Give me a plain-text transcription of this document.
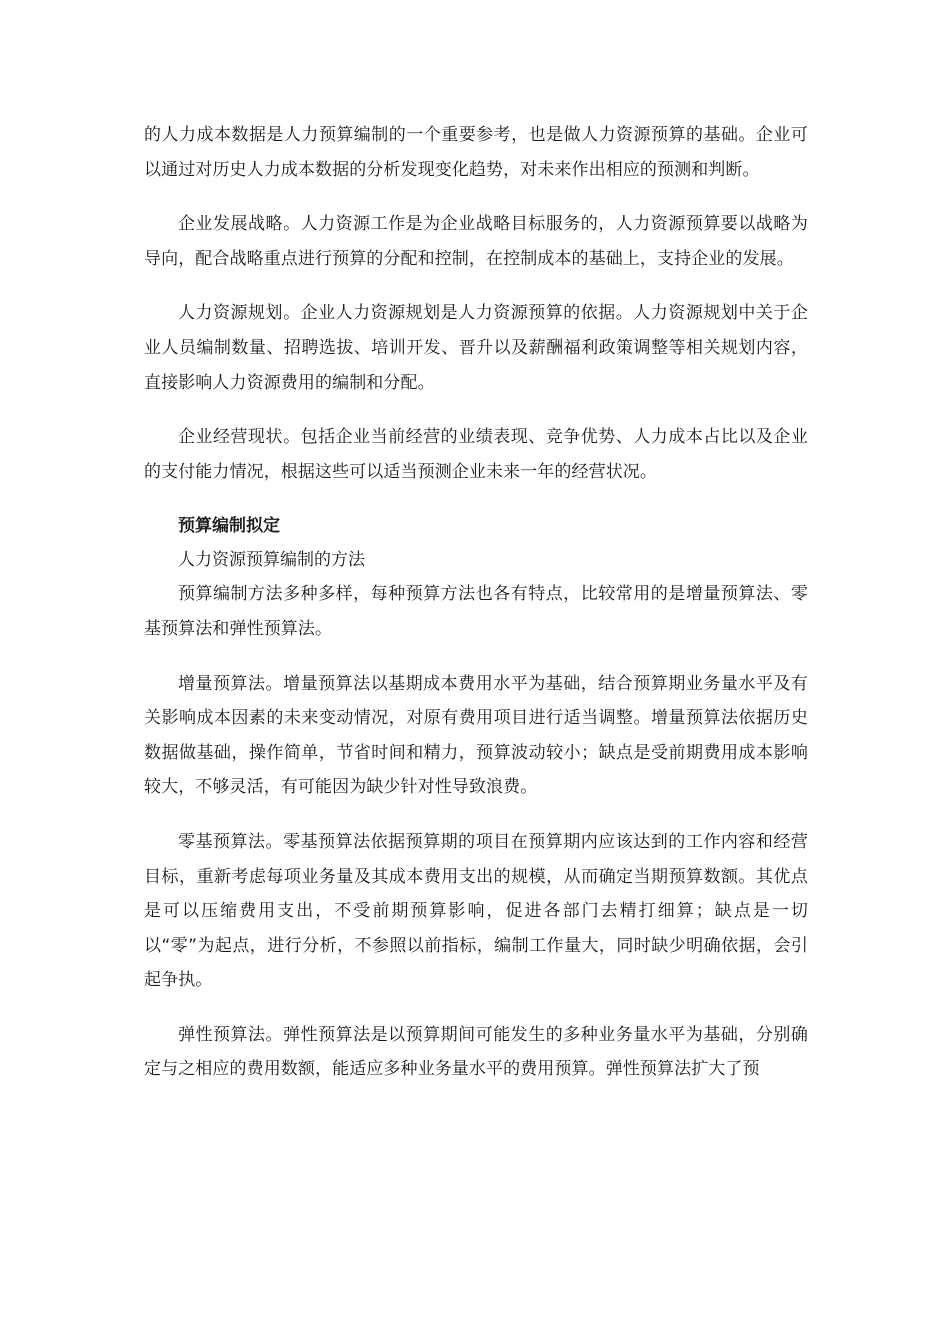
的人力成本数据是人力预算编制的一个重要参考，也是做人力资源预算的基础。企业可以通过对历史人力成本数据的分析发现变化趋势，对未来作出相应的预测和判断。

企业发展战略。人力资源工作是为企业战略目标服务的，人力资源预算要以战略为导向，配合战略重点进行预算的分配和控制，在控制成本的基础上，支持企业的发展。

人力资源规划。企业人力资源规划是人力资源预算的依据。人力资源规划中关于企业人员编制数量、招聘选拔、培训开发、晋升以及薪酬福利政策调整等相关规划内容，直接影响人力资源费用的编制和分配。

企业经营现状。包括企业当前经营的业绩表现、竞争优势、人力成本占比以及企业的支付能力情况，根据这些可以适当预测企业未来一年的经营状况。

预算编制拟定

人力资源预算编制的方法

预算编制方法多种多样，每种预算方法也各有特点，比较常用的是增量预算法、零基预算法和弹性预算法。

增量预算法。增量预算法以基期成本费用水平为基础，结合预算期业务量水平及有关影响成本因素的未来变动情况，对原有费用项目进行适当调整。增量预算法依据历史数据做基础，操作简单，节省时间和精力，预算波动较小；缺点是受前期费用成本影响较大，不够灵活，有可能因为缺少针对性导致浪费。

零基预算法。零基预算法依据预算期的项目在预算期内应该达到的工作内容和经营目标，重新考虑每项业务量及其成本费用支出的规模，从而确定当期预算数额。其优点是可以压缩费用支出，不受前期预算影响，促进各部门去精打细算；缺点是一切以“零”为起点，进行分析，不参照以前指标，编制工作量大，同时缺少明确依据，会引起争执。

弹性预算法。弹性预算法是以预算期间可能发生的多种业务量水平为基础，分别确定与之相应的费用数额，能适应多种业务量水平的费用预算。弹性预算法扩大了预
